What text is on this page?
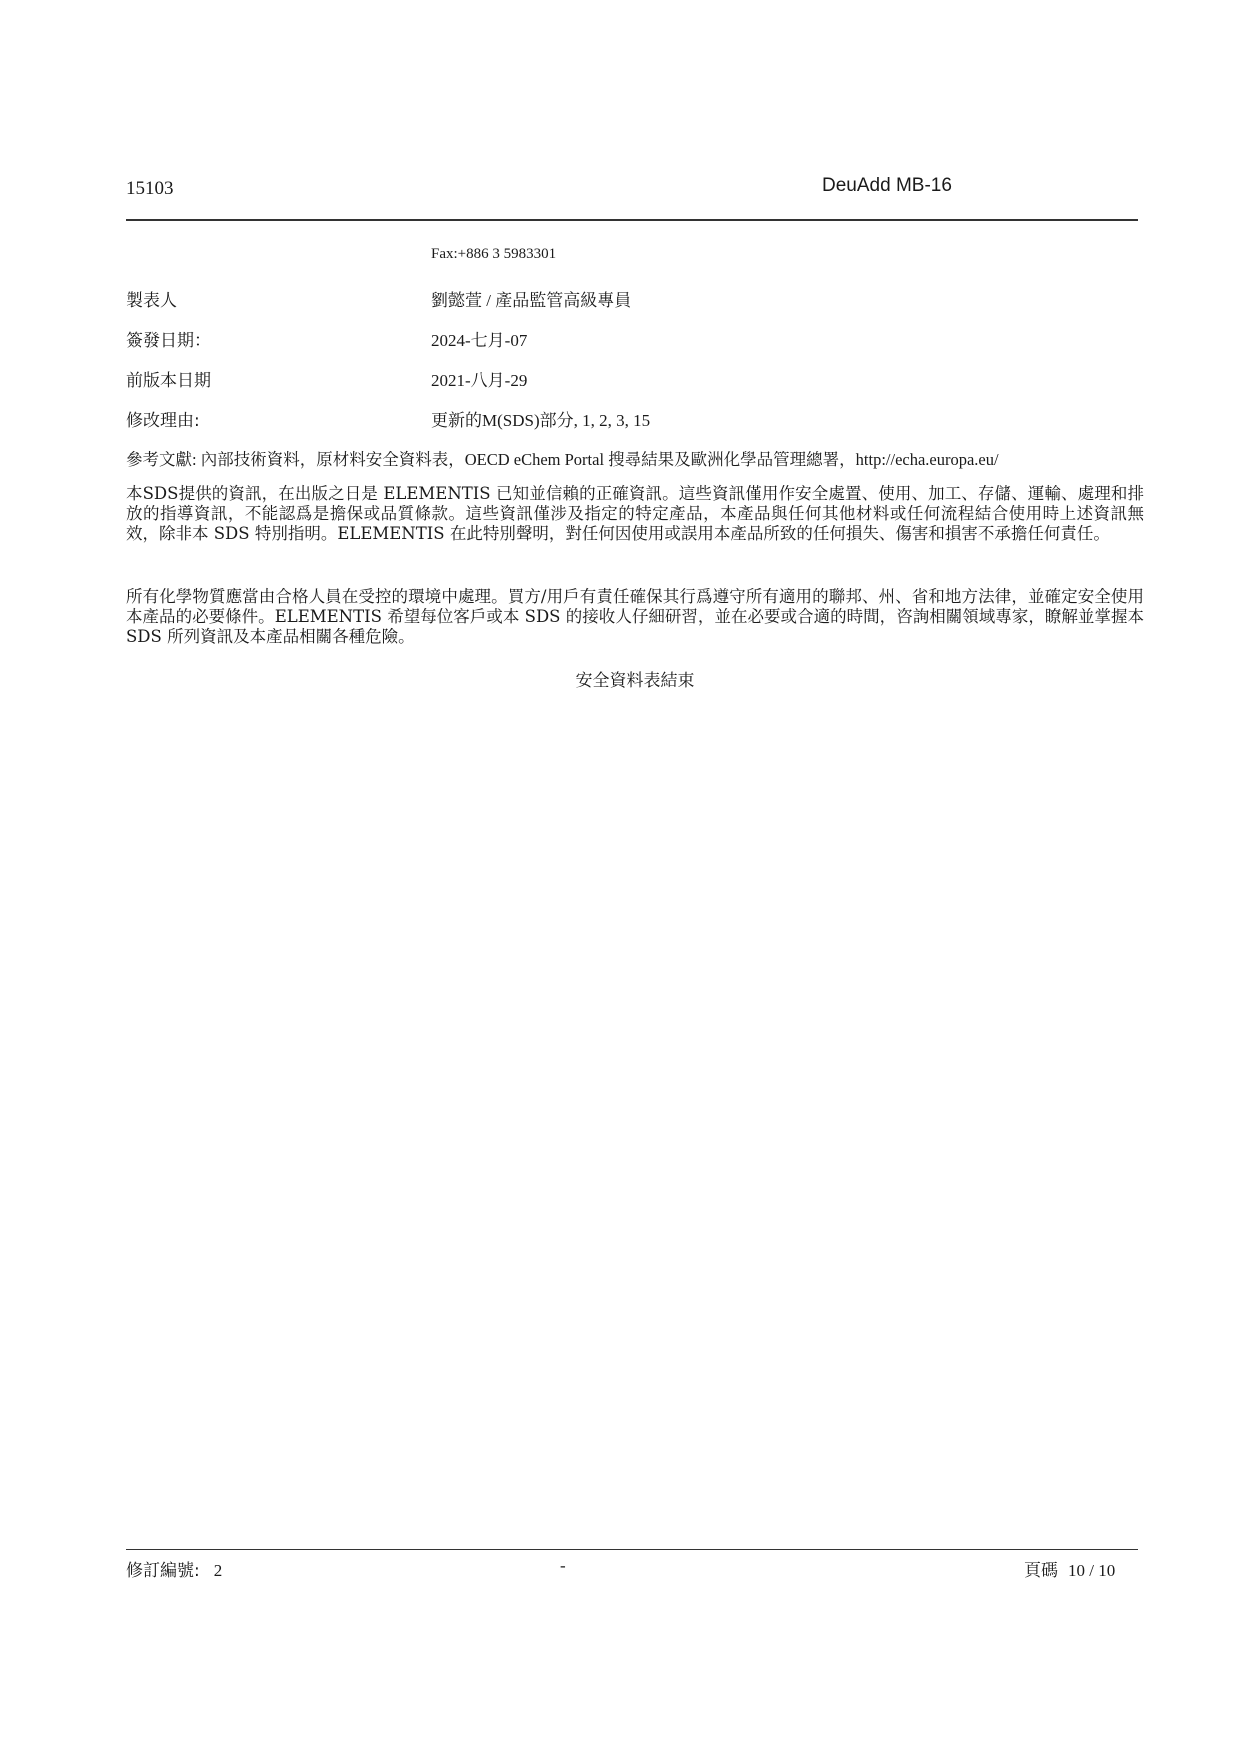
15103	DeuAdd MB-16
Fax:+886 3 5983301
製表人	劉懿萱 / 產品監管高級專員
簽發日期：	2024-七月-07
前版本日期	2021-八月-29
修改理由:	更新的M(SDS)部分, 1, 2, 3, 15
參考文獻: 內部技術資料，原材料安全資料表，OECD eChem Portal 搜尋結果及歐洲化學品管理總署，http://echa.europa.eu/
本SDS提供的資訊，在出版之日是 ELEMENTIS 已知並信賴的正確資訊。這些資訊僅用作安全處置、使用、加工、存儲、運輸、處理和排放的指導資訊，不能認爲是擔保或品質條款。這些資訊僅涉及指定的特定產品，本產品與任何其他材料或任何流程結合使用時上述資訊無效，除非本 SDS 特別指明。ELEMENTIS 在此特別聲明，對任何因使用或誤用本產品所致的任何損失、傷害和損害不承擔任何責任。
所有化學物質應當由合格人員在受控的環境中處理。買方/用戶有責任確保其行爲遵守所有適用的聯邦、州、省和地方法律，並確定安全使用本產品的必要條件。ELEMENTIS 希望每位客戶或本 SDS 的接收人仔細研習，並在必要或合適的時間，咨詢相關領域專家，瞭解並掌握本 SDS 所列資訊及本產品相關各種危險。
安全資料表結束
修訂編號: 2	-	頁碼 10 / 10
